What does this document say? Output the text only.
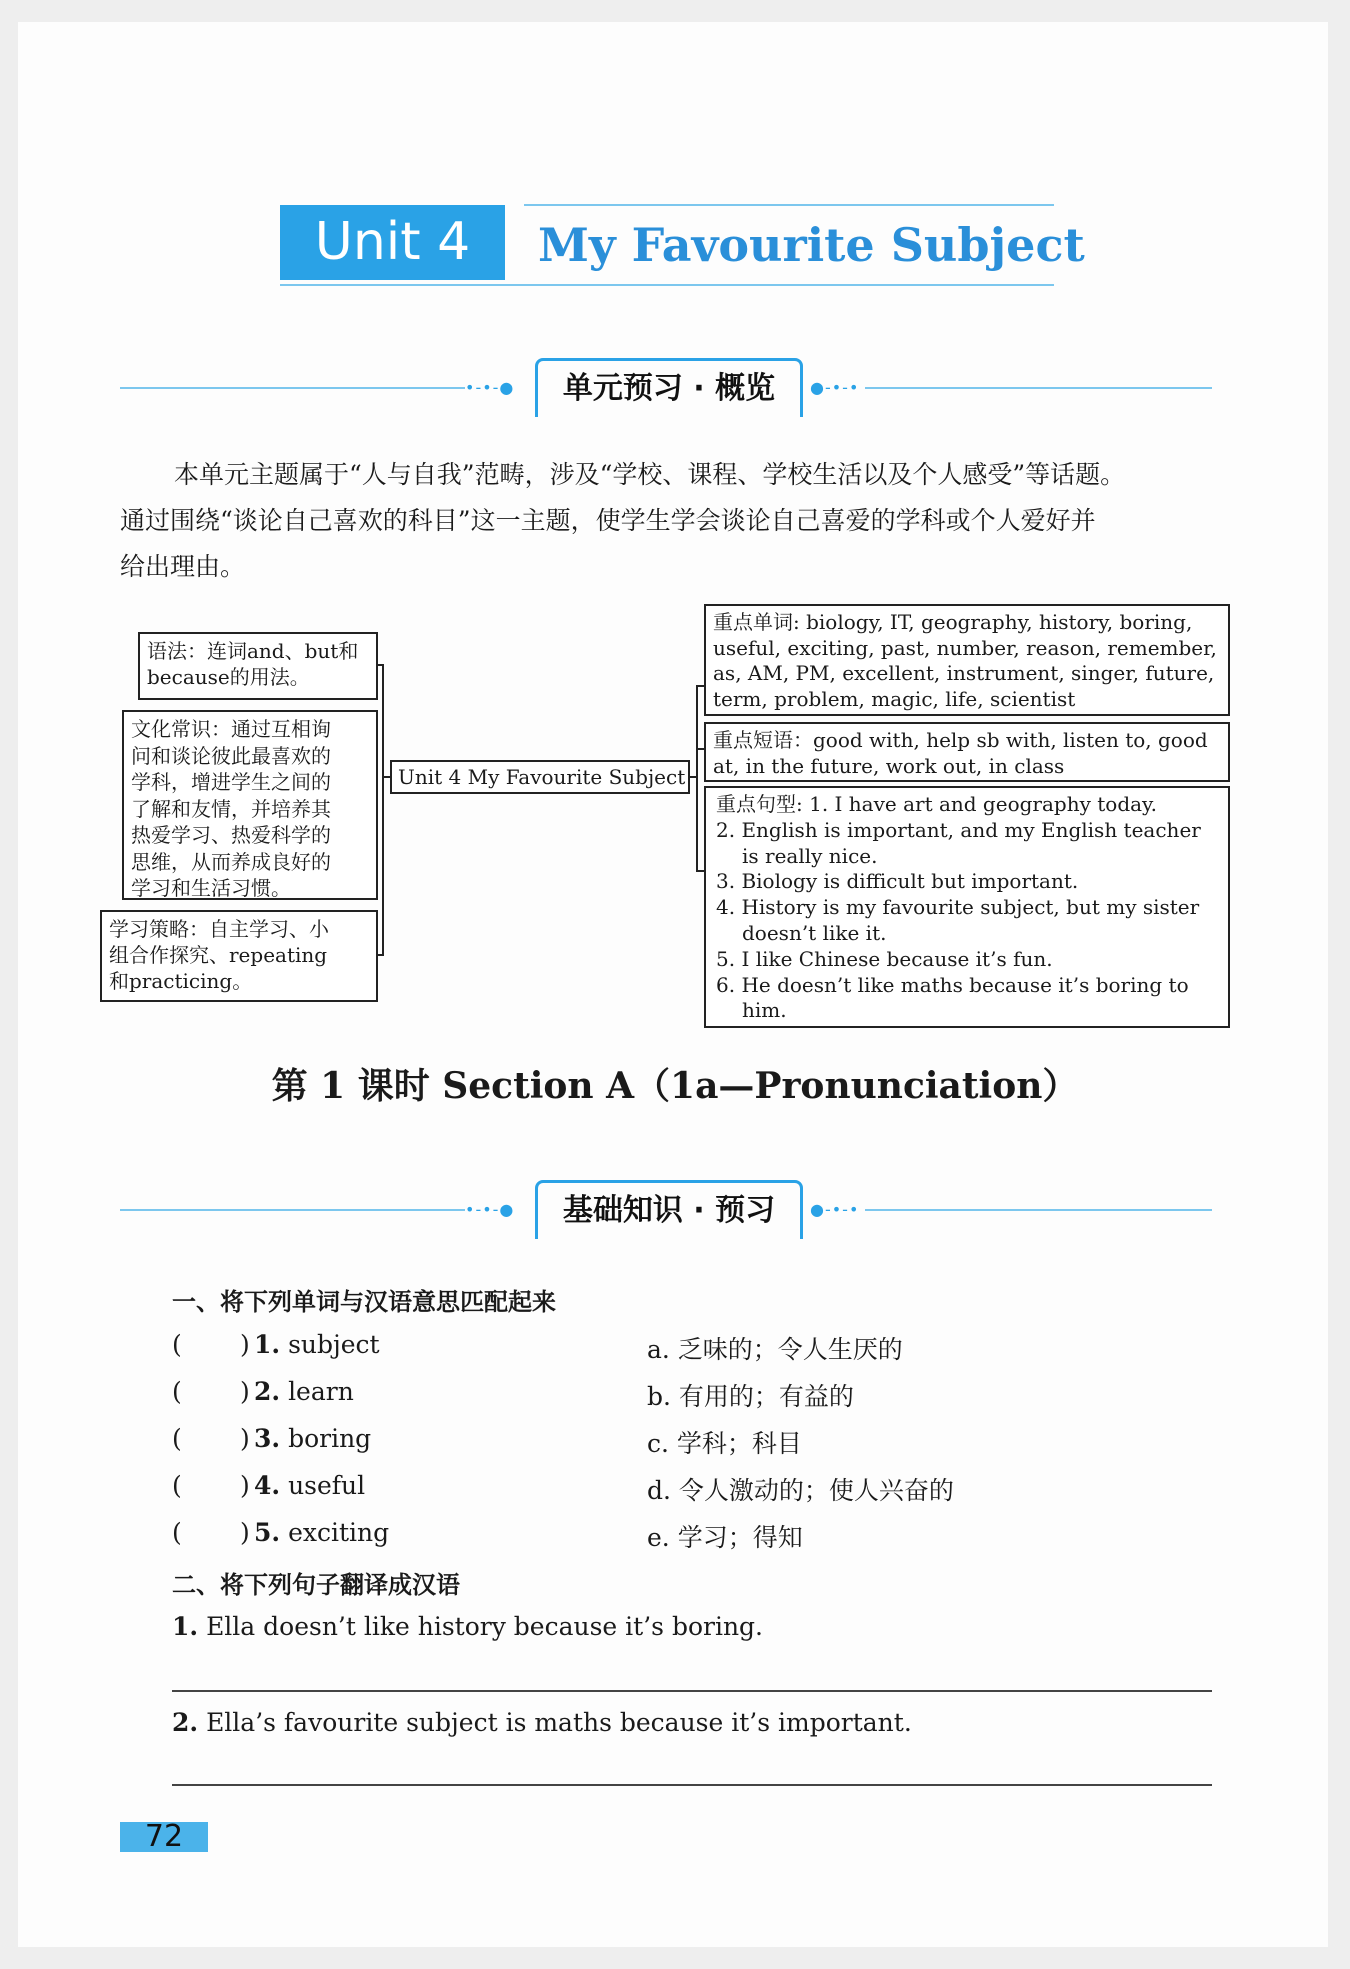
Unit 4	My Favourite Subject
•-•-●	单元预习 · 概览	●-•-•

本单元主题属于“人与自我”范畴，涉及“学校、课程、学校生活以及个人感受”等话题。

通过围绕“谈论自己喜欢的科目”这一主题，使学生学会谈论自己喜爱的学科或个人爱好并

给出理由。

语法：连词and、but和
because的用法。
文化常识：通过互相询
问和谈论彼此最喜欢的
学科，增进学生之间的
了解和友情，并培养其
热爱学习、热爱科学的
思维，从而养成良好的
学习和生活习惯。
学习策略：自主学习、小
组合作探究、repeating
和practicing。
Unit 4 My Favourite Subject
重点单词: biology, IT, geography, history, boring,
useful, exciting, past, number, reason, remember,
as, AM, PM, excellent, instrument, singer, future,
term, problem, magic, life, scientist
重点短语：good with, help sb with, listen to, good
at, in the future, work out, in class
重点句型: 1. I have art and geography today.
2. English is important, and my English teacher
is really nice.
3. Biology is difficult but important.
4. History is my favourite subject, but my sister
doesn’t like it.
5. I like Chinese because it’s fun.
6. He doesn’t like maths because it’s boring to
him.
第 1 课时 Section A（1a—Pronunciation）
•-•-●	基础知识 · 预习	●-•-•
一、将下列单词与汉语意思匹配起来
( ) 1. subject	a. 乏味的；令人生厌的
( ) 2. learn	b. 有用的；有益的
( ) 3. boring	c. 学科；科目
( ) 4. useful	d. 令人激动的；使人兴奋的
( ) 5. exciting	e. 学习；得知
二、将下列句子翻译成汉语
1. Ella doesn’t like history because it’s boring.
2. Ella’s favourite subject is maths because it’s important.
72
